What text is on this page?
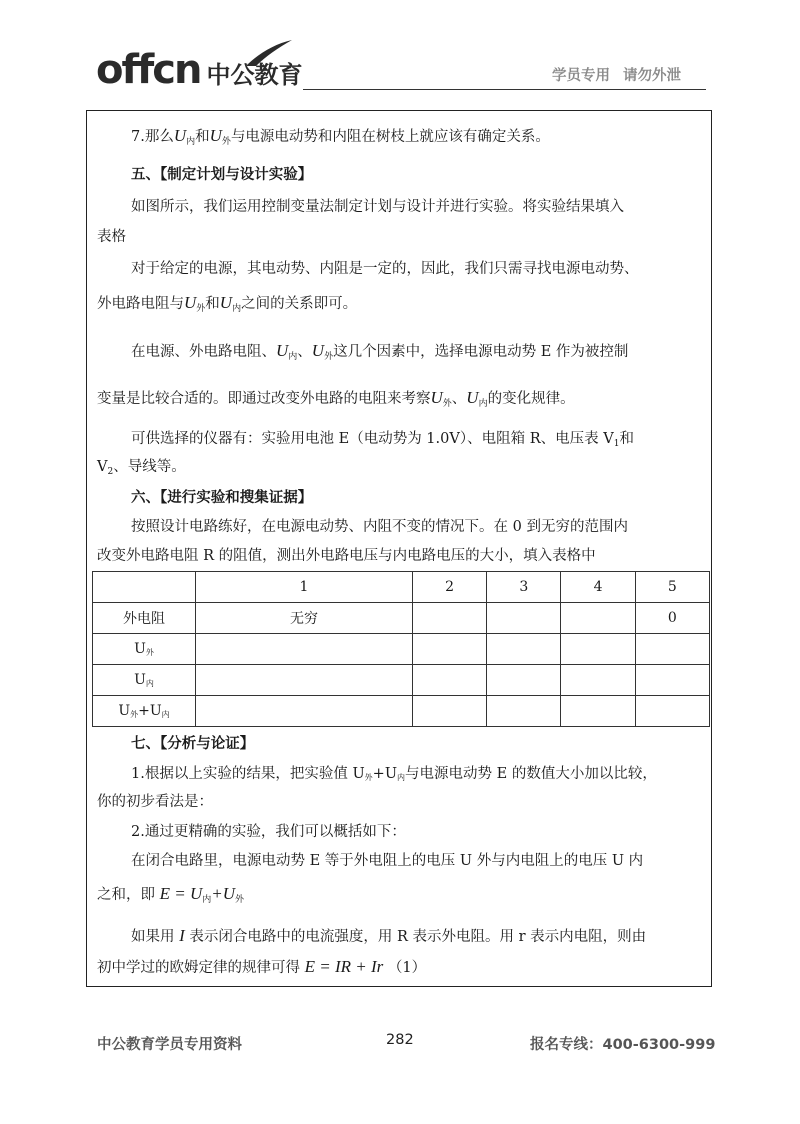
offcn 中公教育	学员专用 请勿外泄
7.那么$U_内$和$U_外$与电源电动势和内阻在树枝上就应该有确定关系。
五、【制定计划与设计实验】
如图所示，我们运用控制变量法制定计划与设计并进行实验。将实验结果填入
表格
对于给定的电源，其电动势、内阻是一定的，因此，我们只需寻找电源电动势、
外电路电阻与$U_外$和$U_内$之间的关系即可。
在电源、外电路电阻、$U_内$、$U_外$这几个因素中，选择电源电动势 E 作为被控制
变量是比较合适的。即通过改变外电路的电阻来考察$U_外$、$U_内$的变化规律。
可供选择的仪器有：实验用电池 E（电动势为 1.0V）、电阻箱 R、电压表 $V_1$和
$V_2$、导线等。
六、【进行实验和搜集证据】
按照设计电路练好，在电源电动势、内阻不变的情况下。在 0 到无穷的范围内
改变外电路电阻 R 的阻值，测出外电路电压与内电路电压的大小，填入表格中
	1	2	3	4	5
外电阻	无穷				0
$U_外$					
$U_内$					
$U_外+U_内$					
七、【分析与论证】
1.根据以上实验的结果，把实验值 $U_外+U_内$与电源电动势 E 的数值大小加以比较，
你的初步看法是：
2.通过更精确的实验，我们可以概括如下：
在闭合电路里，电源电动势 E 等于外电阻上的电压 U 外与内电阻上的电压 U 内
之和，即 $E = U_内+U_外$
如果用 I 表示闭合电路中的电流强度，用 R 表示外电阻。用 r 表示内电阻，则由
初中学过的欧姆定律的规律可得 E = IR + Ir （1）
中公教育学员专用资料	282	报名专线：400-6300-999
